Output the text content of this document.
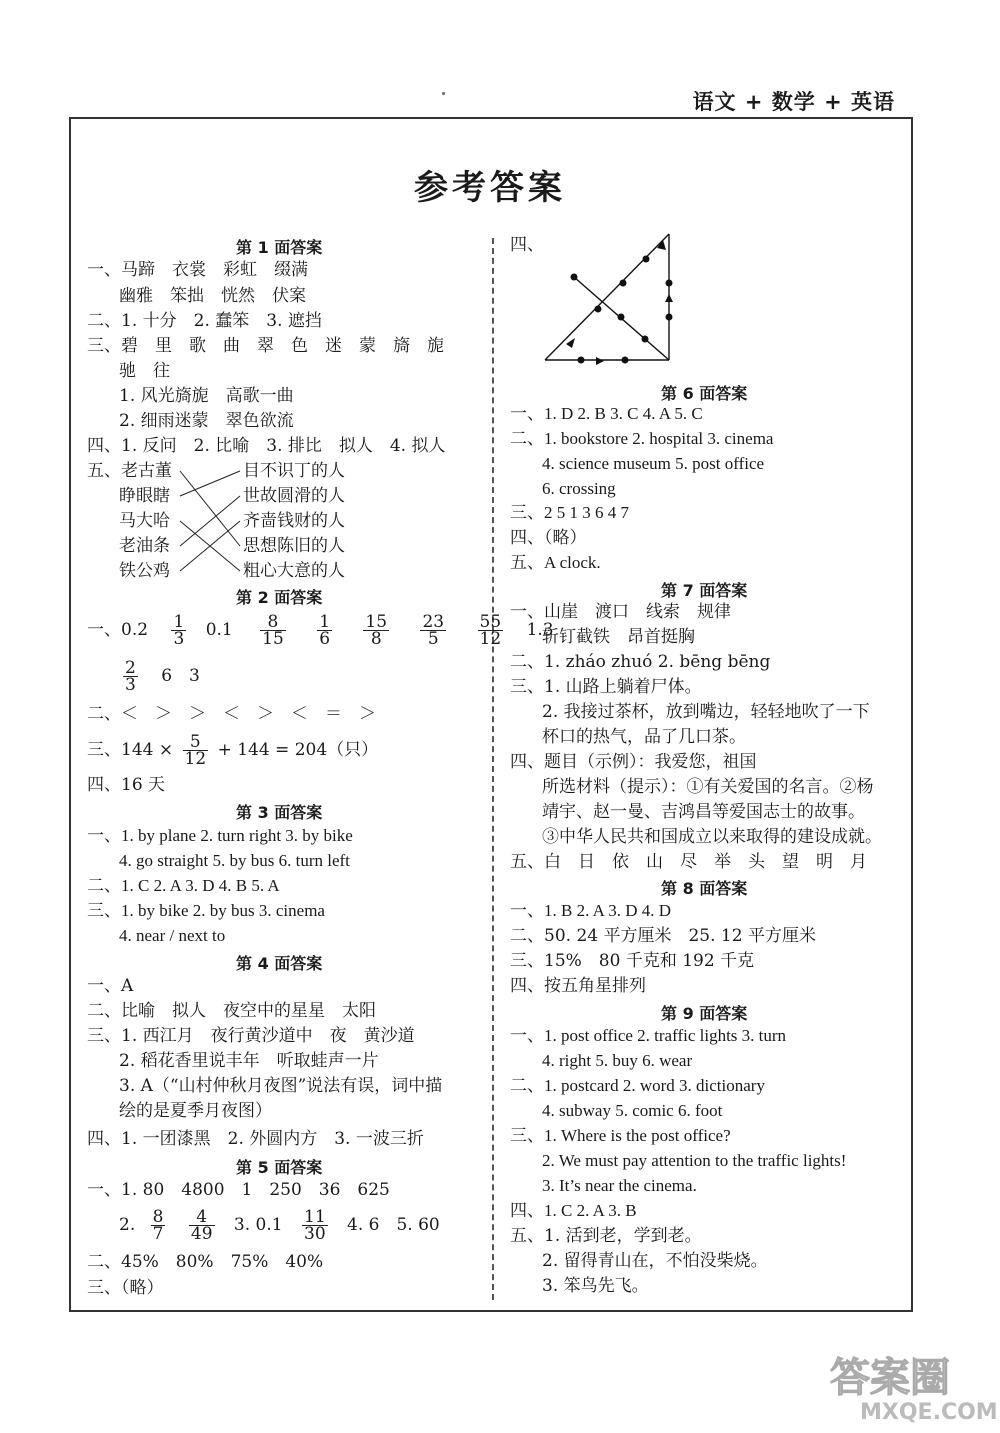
语文 + 数学 + 英语
参考答案
第 1 面答案
一、马蹄　衣裳　彩虹　缀满
幽雅　笨拙　恍然　伏案
二、1. 十分　2. 蠢笨　3. 遮挡
三、碧　里　歌　曲　翠　色　迷　蒙　旖　旎
驰　往
1. 风光旖旎　高歌一曲
2. 细雨迷蒙　翠色欲流
四、1. 反问　2. 比喻　3. 排比　拟人　4. 拟人
五、老古董
睁眼瞎
马大哈
老油条
铁公鸡
目不识丁的人
世故圆滑的人
齐啬钱财的人
思想陈旧的人
粗心大意的人
第 2 面答案
一、$0.2 \frac{1}{3} 0.1 \frac{8}{15}$
$\frac{1}{6}$
$\frac{15}{8}$
$\frac{23}{5}$
$\frac{55}{12} 1.3$
$\frac{2}{3} 6$　3
二、＜　＞　＞　＜　＞　＜　＝　＞
三、$144 \times \frac{5}{12} + 144 = 204$（只）
四、16 天
第 3 面答案
一、1. by plane 2. turn right 3. by bike
4. go straight 5. by bus 6. turn left
二、1. C 2. A 3. D 4. B 5. A
三、1. by bike 2. by bus 3. cinema
4. near / next to
第 4 面答案
一、A
二、比喻　拟人　夜空中的星星　太阳
三、1. 西江月　夜行黄沙道中　夜　黄沙道
2. 稻花香里说丰年　听取蛙声一片
3. A（“山村仲秋月夜图”说法有误，词中描
绘的是夏季月夜图）
四、1. 一团漆黑　2. 外圆内方　3. 一波三折
第 5 面答案
一、1. 80　4800　1　250　36　625
2. $\frac{8}{7}$
$\frac{4}{49} 3$. $0.1 \frac{11}{30} 4$. 6　5. 60
二、45%　80%　75%　40%
三、（略）
四、
第 6 面答案
一、1. D 2. B 3. C 4. A 5. C
二、1. bookstore 2. hospital 3. cinema
4. science museum 5. post office
6. crossing
三、2 5 1 3 6 4 7
四、（略）
五、A clock.
第 7 面答案
一、山崖　渡口　线索　规律
斩钉截铁　昂首挺胸
二、1. zháo zhuó 2. bēng bēng
三、1. 山路上躺着尸体。
2. 我接过茶杯，放到嘴边，轻轻地吹了一下
杯口的热气，品了几口茶。
四、题目（示例）：我爱您，祖国
所选材料（提示）：①有关爱国的名言。②杨
靖宇、赵一曼、吉鸿昌等爱国志士的故事。
③中华人民共和国成立以来取得的建设成就。
五、白　日　依　山　尽　举　头　望　明　月
第 8 面答案
一、1. B 2. A 3. D 4. D
二、50. 24 平方厘米　25. 12 平方厘米
三、15%　80 千克和 192 千克
四、按五角星排列
第 9 面答案
一、1. post office 2. traffic lights 3. turn
4. right 5. buy 6. wear
二、1. postcard 2. word 3. dictionary
4. subway 5. comic 6. foot
三、1. Where is the post office?
2. We must pay attention to the traffic lights!
3. It’s near the cinema.
四、1. C 2. A 3. B
五、1. 活到老，学到老。
2. 留得青山在，不怕没柴烧。
3. 笨鸟先飞。
答案圈
MXQE.COM
